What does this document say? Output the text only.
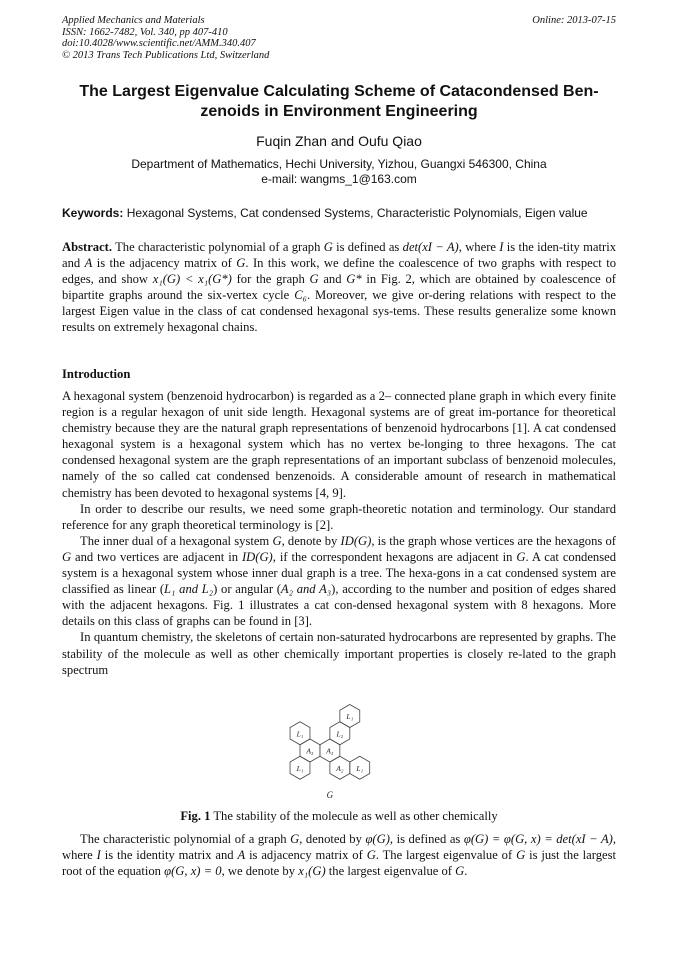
Applied Mechanics and Materials
ISSN: 1662-7482, Vol. 340, pp 407-410
doi:10.4028/www.scientific.net/AMM.340.407
© 2013 Trans Tech Publications Ltd, Switzerland
Online: 2013-07-15
The Largest Eigenvalue Calculating Scheme of Catacondensed Ben-
zenoids in Environment Engineering
Fuqin Zhan and Oufu Qiao
Department of Mathematics, Hechi University, Yizhou, Guangxi 546300, China
e-mail: wangms_1@163.com
Keywords: Hexagonal Systems, Cat condensed Systems, Characteristic Polynomials, Eigen value

Abstract. The characteristic polynomial of a graph G is defined as det(xI − A), where I is the iden-tity matrix and A is the adjacency matrix of G. In this work, we define the coalescence of two graphs with respect to edges, and show x₁(G) < x₁(G*) for the graph G and G* in Fig. 2, which are obtained by coalescence of bipartite graphs around the six-vertex cycle C₆. Moreover, we give or-dering relations with respect to the largest Eigen value in the class of cat condensed hexagonal sys-tems. These results generalize some known results on extremely hexagonal chains.

Introduction

A hexagonal system (benzenoid hydrocarbon) is regarded as a 2– connected plane graph in which every finite region is a regular hexagon of unit side length. Hexagonal systems are of great im-portance for theoretical chemistry because they are the natural graph representations of benzenoid hydrocarbons [1]. A cat condensed hexagonal system is a hexagonal system which has no vertex be-longing to three hexagons. The cat condensed hexagonal system are the graph representations of an important subclass of benzenoid molecules, namely of the so called cat condensed benzenoids. A considerable amount of research in mathematical chemistry has been devoted to hexagonal systems [4, 9].

In order to describe our results, we need some graph-theoretic notation and terminology. Our standard reference for any graph theoretical terminology is [2].

The inner dual of a hexagonal system G, denote by ID(G), is the graph whose vertices are the hexagons of G and two vertices are adjacent in ID(G), if the correspondent hexagons are adjacent in G. A cat condensed system is a hexagonal system whose inner dual graph is a tree. The hexa-gons in a cat condensed system are classified as linear (L₁ and L₂) or angular (A₂ and A₃), according to the number and position of edges shared with the adjacent hexagons. Fig. 1 illustrates a cat con-densed hexagonal system with 8 hexagons. More details on this class of graphs can be found in [3].

In quantum chemistry, the skeletons of certain non-saturated hydrocarbons are represented by graphs. The stability of the molecule as well as other chemically important properties is closely re-lated to the graph spectrum

L₁
L₁	L₂
A₃ A₃
L₁	A₂ L₁
G
Fig. 1 The stability of the molecule as well as other chemically

The characteristic polynomial of a graph G, denoted by φ(G), is defined as φ(G) = φ(G, x) = det(xI − A), where I is the identity matrix and A is adjacency matrix of G. The largest eigenvalue of G is just the largest root of the equation φ(G, x) = 0, we denote by x₁(G) the largest eigenvalue of G.
